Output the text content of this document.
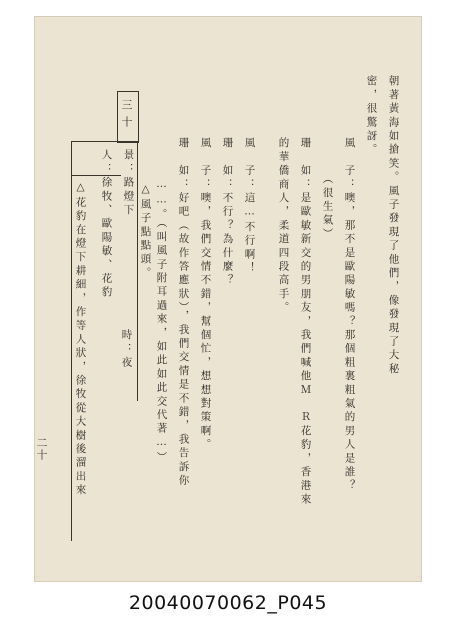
朝著黃海如搶笑。風子發現了他們，像發現了大秘
密，很驚訝。
風　子：噢，那不是歐陽敏嗎？那個粗裏粗氣的男人是誰？
　　　（很生氣）
珊　如：是歐敏新交的男朋友，我們喊他Ｍ　Ｒ花豹，香港來
的華僑商人，柔道四段高手。
風　子：這…不行啊！
珊　如：不行？為什麼？
風　子：噢，我們交情不錯，幫個忙，想想對策啊。
珊　如：好吧（故作答應狀），我們交情是不錯，我告訴你
　　　……。（叫風子附耳過來，如此如此交代著…）
△風子點點頭。
三十
景：路燈下
時：夜
人：徐牧、歐陽敏、花豹
△花豹在燈下耕細，作等人狀，徐牧從大樹後溜出來
二十
20040070062_P045
